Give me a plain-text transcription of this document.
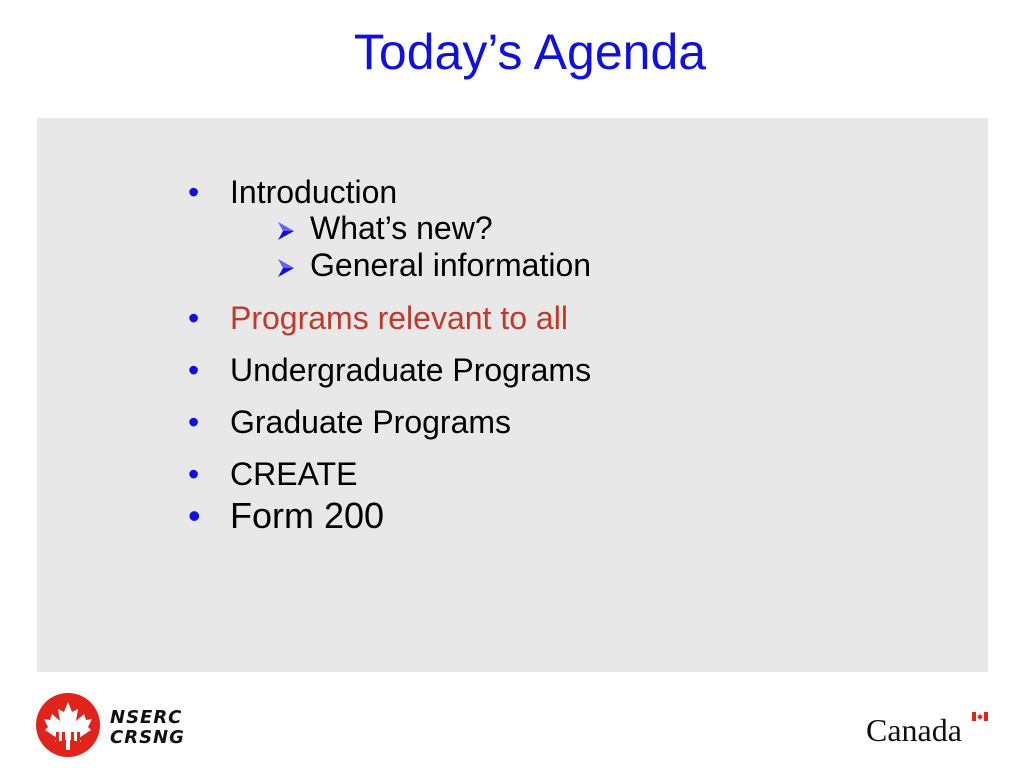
Today’s Agenda
• Introduction
What’s new?
General information
• Programs relevant to all
• Undergraduate Programs
• Graduate Programs
• CREATE
• Form 200
NSERC
CRSNG	Canada
